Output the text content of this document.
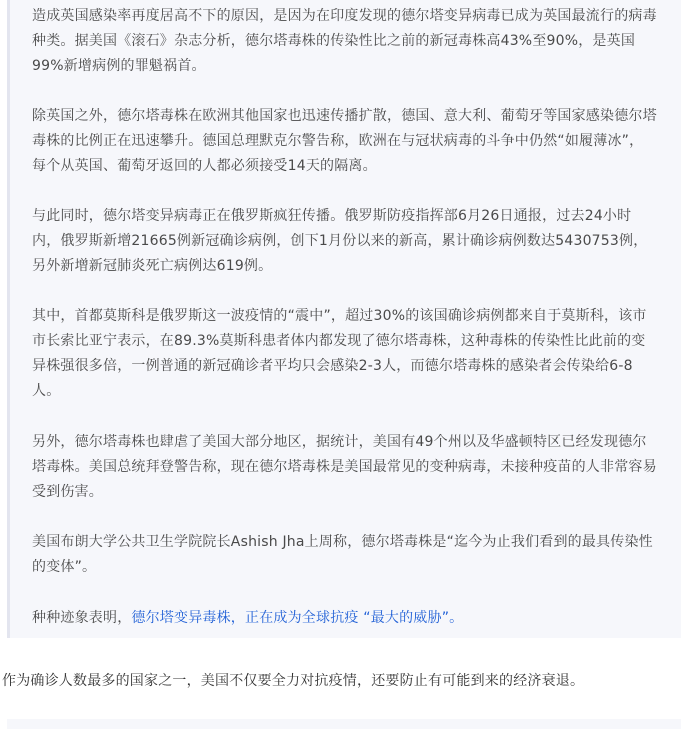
造成英国感染率再度居高不下的原因，是因为在印度发现的德尔塔变异病毒已成为英国最流行的病毒种类。据美国《滚石》杂志分析，德尔塔毒株的传染性比之前的新冠毒株高43%至90%，是英国99%新增病例的罪魁祸首。

除英国之外，德尔塔毒株在欧洲其他国家也迅速传播扩散，德国、意大利、葡萄牙等国家感染德尔塔毒株的比例正在迅速攀升。德国总理默克尔警告称，欧洲在与冠状病毒的斗争中仍然“如履薄冰”，每个从英国、葡萄牙返回的人都必须接受14天的隔离。

与此同时，德尔塔变异病毒正在俄罗斯疯狂传播。俄罗斯防疫指挥部6月26日通报，过去24小时内，俄罗斯新增21665例新冠确诊病例，创下1月份以来的新高，累计确诊病例数达5430753例，另外新增新冠肺炎死亡病例达619例。

其中，首都莫斯科是俄罗斯这一波疫情的“震中”，超过30%的该国确诊病例都来自于莫斯科，该市市长索比亚宁表示，在89.3%莫斯科患者体内都发现了德尔塔毒株，这种毒株的传染性比此前的变异株强很多倍，一例普通的新冠确诊者平均只会感染2-3人，而德尔塔毒株的感染者会传染给6-8人。

另外，德尔塔毒株也肆虐了美国大部分地区，据统计，美国有49个州以及华盛顿特区已经发现德尔塔毒株。美国总统拜登警告称，现在德尔塔毒株是美国最常见的变种病毒，未接种疫苗的人非常容易受到伤害。

美国布朗大学公共卫生学院院长Ashish Jha上周称，德尔塔毒株是“迄今为止我们看到的最具传染性的变体”。

种种迹象表明，德尔塔变异毒株，正在成为全球抗疫 “最大的威胁”。

作为确诊人数最多的国家之一，美国不仅要全力对抗疫情，还要防止有可能到来的经济衰退。
